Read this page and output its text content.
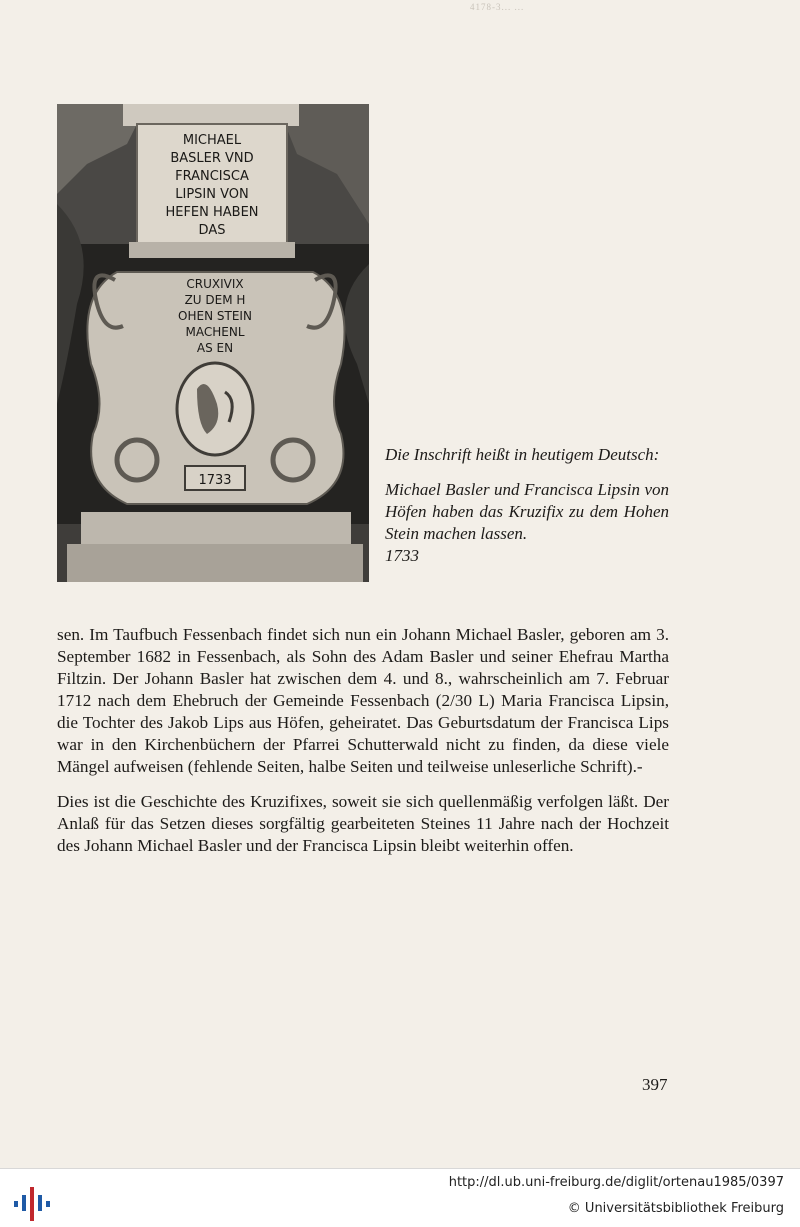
4178-3... ...
MICHAEL
BASLER VND
FRANCISCA
LIPSIN VON
HEFEN HABEN
DAS
CRUXIVIX
ZU DEM H
OHEN STEIN
MACHENL
AS EN
1733

Die Inschrift heißt in heutigem Deutsch:

Michael Basler und Francisca Lipsin von Höfen haben das Kruzifix zu dem Hohen Stein machen lassen.

1733

sen. Im Taufbuch Fessenbach findet sich nun ein Johann Michael Basler, geboren am 3. September 1682 in Fessenbach, als Sohn des Adam Basler und seiner Ehefrau Martha Filtzin. Der Johann Basler hat zwischen dem 4. und 8., wahrscheinlich am 7. Februar 1712 nach dem Ehebruch der Gemeinde Fessenbach (2/30 L) Maria Francisca Lipsin, die Tochter des Jakob Lips aus Höfen, geheiratet. Das Geburtsdatum der Francisca Lips war in den Kirchenbüchern der Pfarrei Schutterwald nicht zu finden, da diese viele Mängel aufweisen (fehlende Seiten, halbe Seiten und teilweise unleserliche Schrift).-

Dies ist die Geschichte des Kruzifixes, soweit sie sich quellenmäßig verfolgen läßt. Der Anlaß für das Setzen dieses sorgfältig gearbeiteten Steines 11 Jahre nach der Hochzeit des Johann Michael Basler und der Francisca Lipsin bleibt weiterhin offen.

397
http://dl.ub.uni-freiburg.de/diglit/ortenau1985/0397
© Universitätsbibliothek Freiburg
